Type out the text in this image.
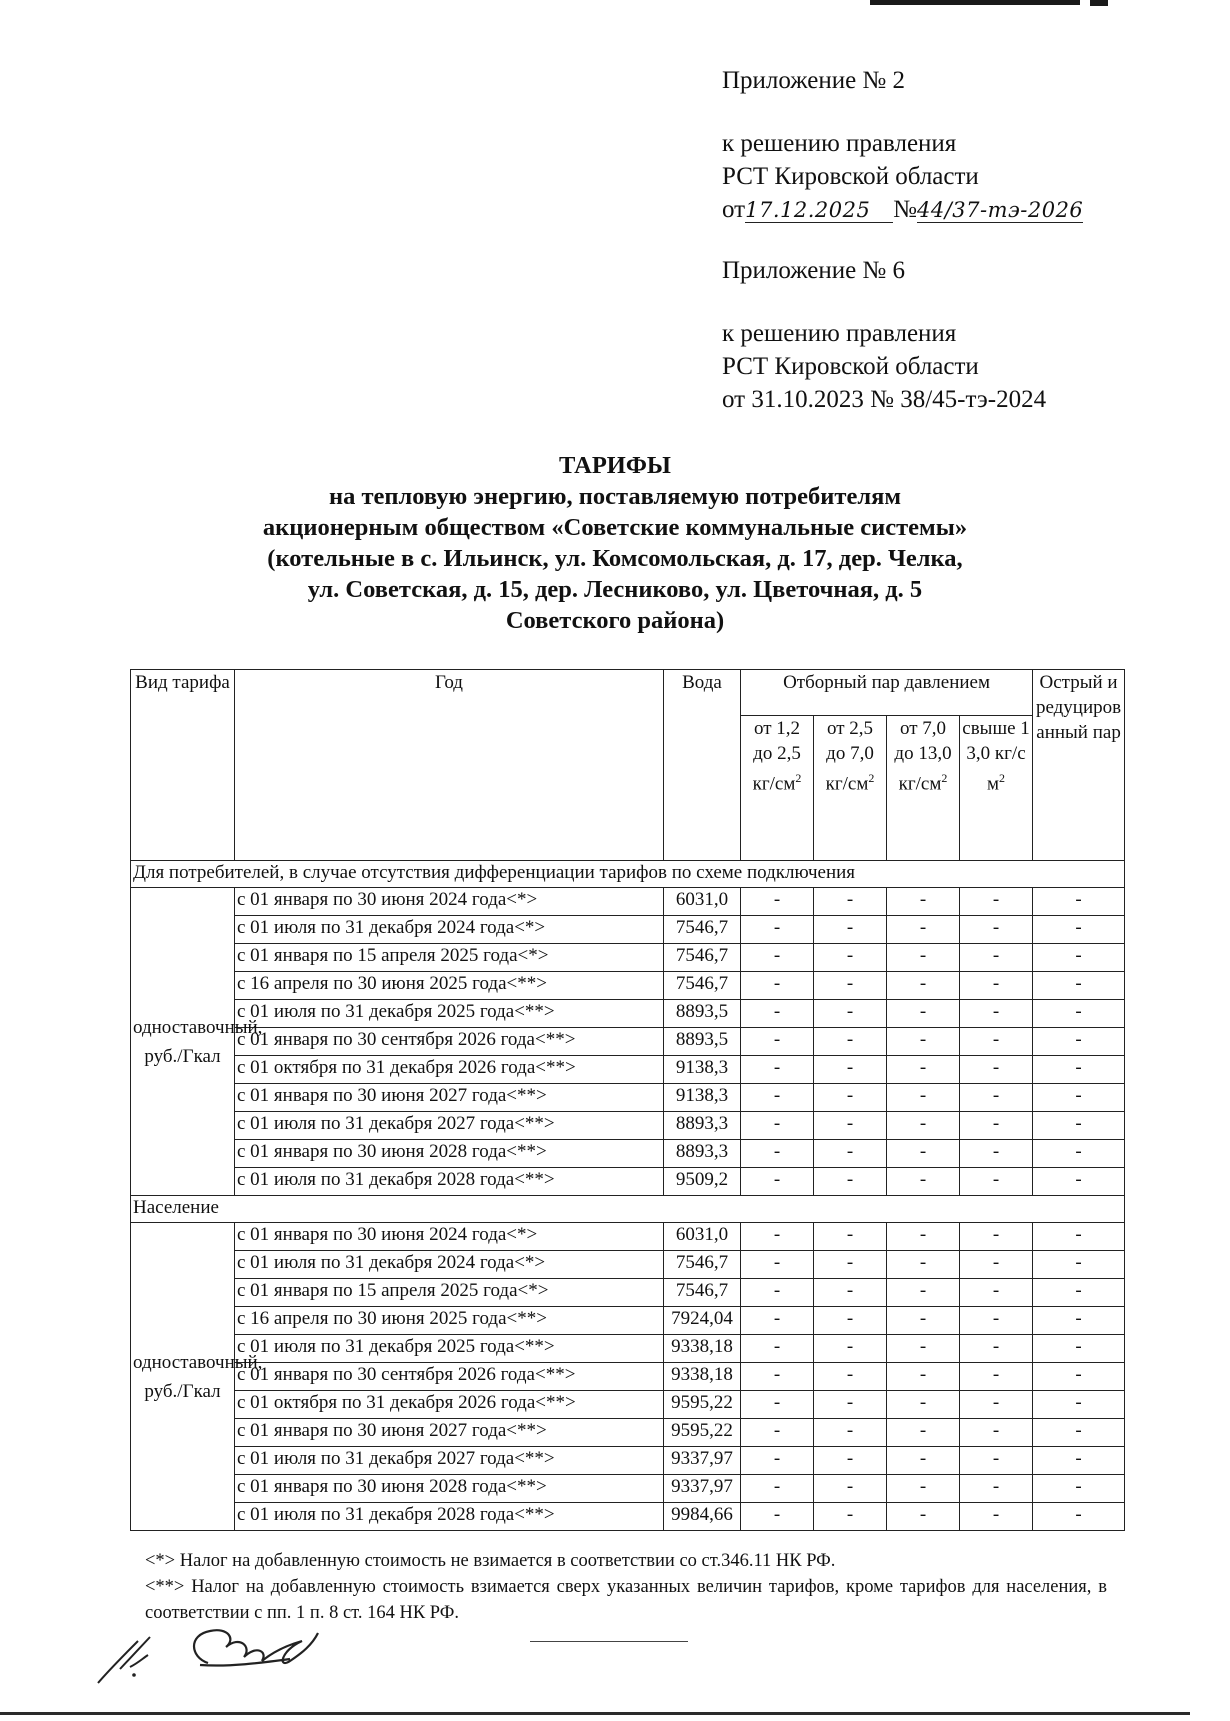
Приложение № 2
к решению правления
РСТ Кировской области
от17.12.2025 №44/37-тэ-2026
Приложение № 6
к решению правления
РСТ Кировской области
от 31.10.2023 № 38/45-тэ-2024
ТАРИФЫ
на тепловую энергию, поставляемую потребителям
акционерным обществом «Советские коммунальные системы»
(котельные в с. Ильинск, ул. Комсомольская, д. 17, дер. Челка,
ул. Советская, д. 15, дер. Лесниково, ул. Цветочная, д. 5
Советского района)
Вид тарифа	Год	Вода	Отборный пар давлением				Острый и редуцированный пар
			от 1,2 до 2,5 $кг/см^2$	от 2,5 до 7,0 $кг/см^2$	от 7,0 до 13,0 $кг/см^2$	свыше 13,0 $кг/см^2$
Для потребителей, в случае отсутствия дифференциации тарифов по схеме подключения							
одноставочный, руб./Гкал	с 01 января по 30 июня 2024 года<*>	6031,0	-	-	-	-	-
	с 01 июля по 31 декабря 2024 года<*>	7546,7	-	-	-	-	-
	с 01 января по 15 апреля 2025 года<*>	7546,7	-	-	-	-	-
	с 16 апреля по 30 июня 2025 года<**>	7546,7	-	-	-	-	-
	с 01 июля по 31 декабря 2025 года<**>	8893,5	-	-	-	-	-
	с 01 января по 30 сентября 2026 года<**>	8893,5	-	-	-	-	-
	с 01 октября по 31 декабря 2026 года<**>	9138,3	-	-	-	-	-
	с 01 января по 30 июня 2027 года<**>	9138,3	-	-	-	-	-
	с 01 июля по 31 декабря 2027 года<**>	8893,3	-	-	-	-	-
	с 01 января по 30 июня 2028 года<**>	8893,3	-	-	-	-	-
	с 01 июля по 31 декабря 2028 года<**>	9509,2	-	-	-	-	-
Население							
одноставочный, руб./Гкал	с 01 января по 30 июня 2024 года<*>	6031,0	-	-	-	-	-
	с 01 июля по 31 декабря 2024 года<*>	7546,7	-	-	-	-	-
	с 01 января по 15 апреля 2025 года<*>	7546,7	-	-	-	-	-
	с 16 апреля по 30 июня 2025 года<**>	7924,04	-	-	-	-	-
	с 01 июля по 31 декабря 2025 года<**>	9338,18	-	-	-	-	-
	с 01 января по 30 сентября 2026 года<**>	9338,18	-	-	-	-	-
	с 01 октября по 31 декабря 2026 года<**>	9595,22	-	-	-	-	-
	с 01 января по 30 июня 2027 года<**>	9595,22	-	-	-	-	-
	с 01 июля по 31 декабря 2027 года<**>	9337,97	-	-	-	-	-
	с 01 января по 30 июня 2028 года<**>	9337,97	-	-	-	-	-
	с 01 июля по 31 декабря 2028 года<**>	9984,66	-	-	-	-	-

<*> Налог на добавленную стоимость не взимается в соответствии со ст.346.11 НК РФ.

<**> Налог на добавленную стоимость взимается сверх указанных величин тарифов, кроме тарифов для населения, в соответствии с пп. 1 п. 8 ст. 164 НК РФ.
